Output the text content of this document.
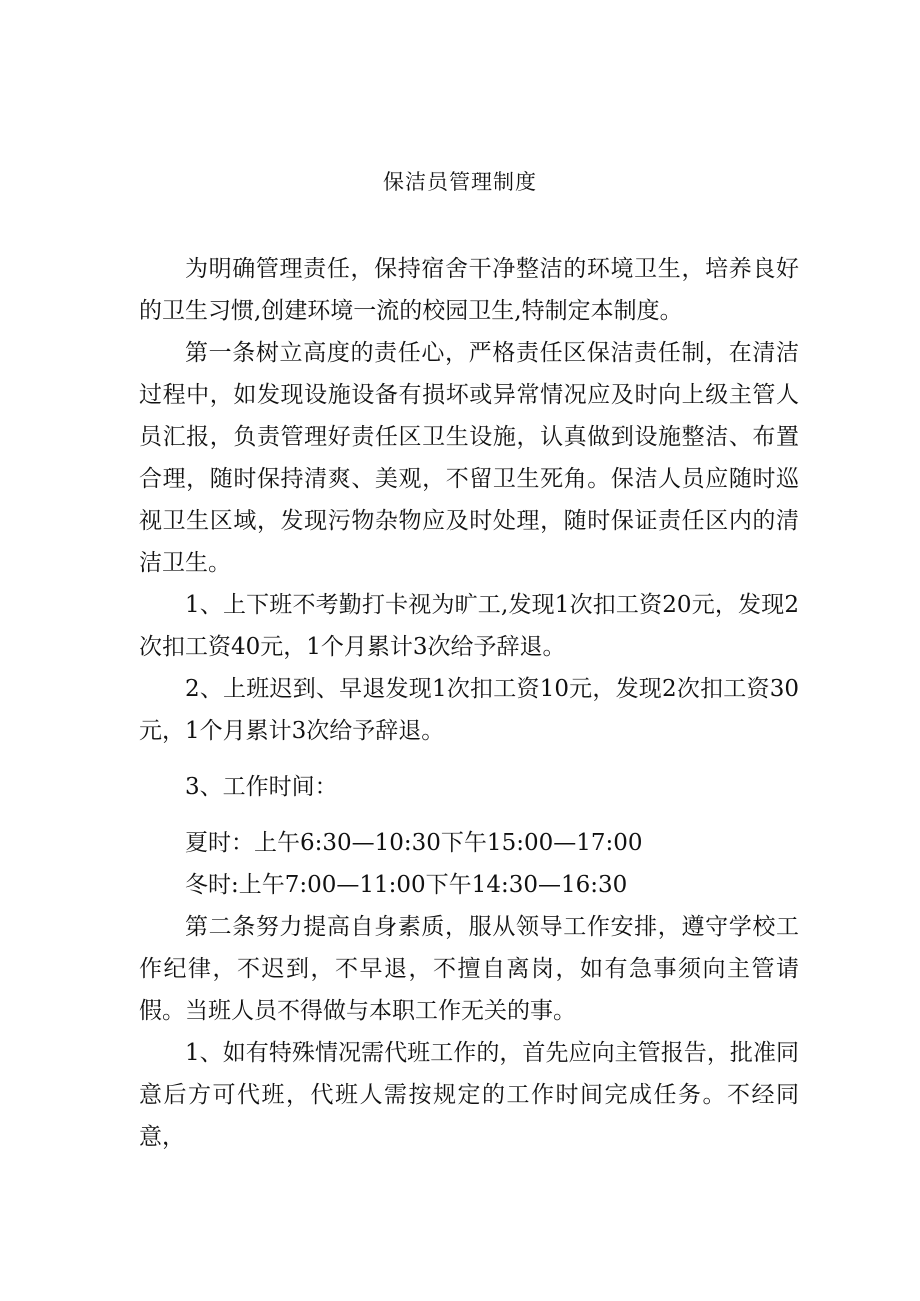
保洁员管理制度

为明确管理责任，保持宿舍干净整洁的环境卫生，培养良好的卫生习惯,创建环境一流的校园卫生,特制定本制度。

第一条树立高度的责任心，严格责任区保洁责任制，在清洁过程中，如发现设施设备有损坏或异常情况应及时向上级主管人员汇报，负责管理好责任区卫生设施，认真做到设施整洁、布置合理，随时保持清爽、美观，不留卫生死角。保洁人员应随时巡视卫生区域，发现污物杂物应及时处理，随时保证责任区内的清洁卫生。

1、上下班不考勤打卡视为旷工,发现1次扣工资20元，发现2次扣工资40元，1个月累计3次给予辞退。

2、上班迟到、早退发现1次扣工资10元，发现2次扣工资30元，1个月累计3次给予辞退。

3、工作时间：

夏时：上午6:30—10:30下午15:00—17:00

冬时:上午7:00—11:00下午14:30—16:30

第二条努力提高自身素质，服从领导工作安排，遵守学校工作纪律，不迟到，不早退，不擅自离岗，如有急事须向主管请假。当班人员不得做与本职工作无关的事。

1、如有特殊情况需代班工作的，首先应向主管报告，批准同意后方可代班，代班人需按规定的工作时间完成任务。不经同意，
